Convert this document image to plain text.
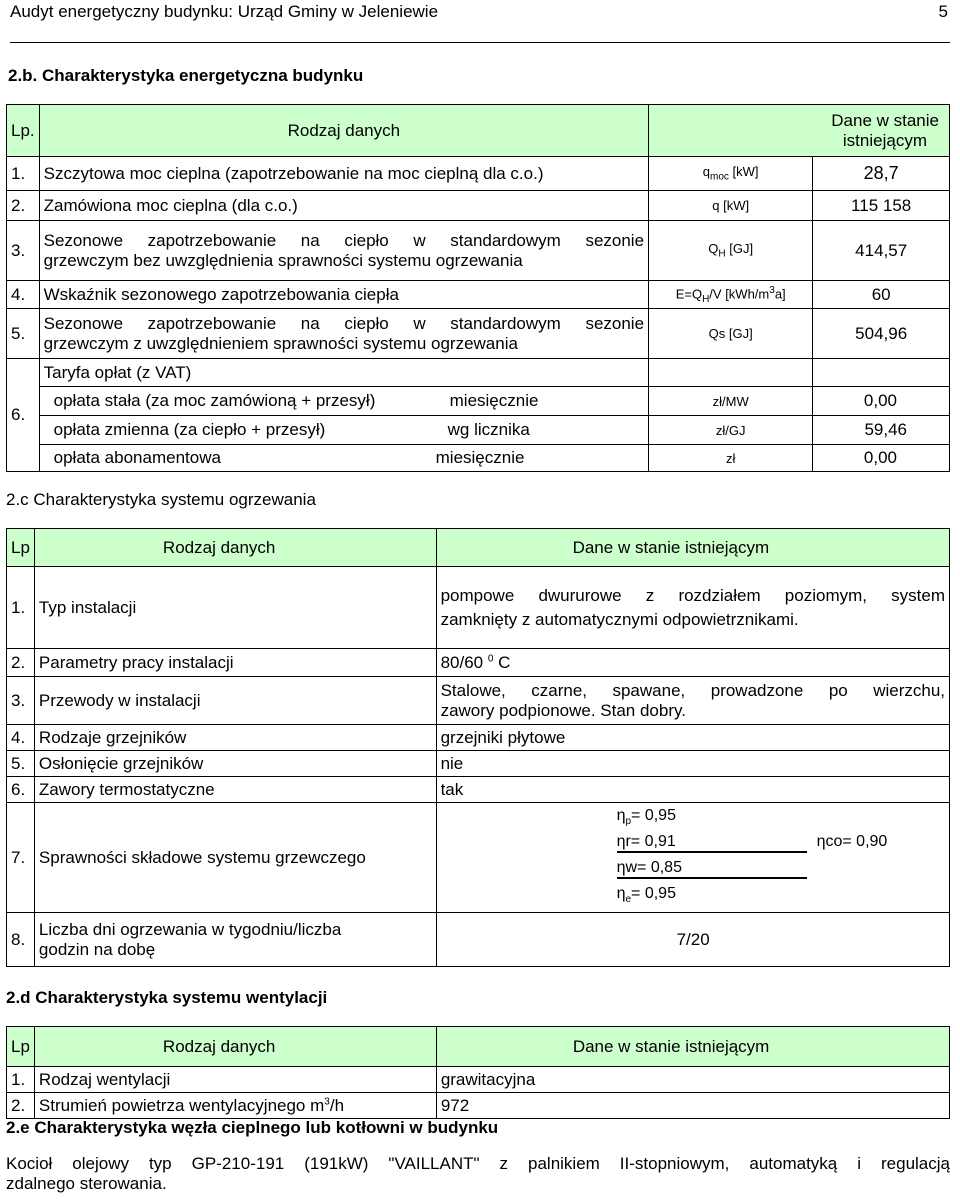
Audyt energetyczny budynku: Urząd Gminy w Jeleniewie	5
2.b. Charakterystyka energetyczna budynku
Lp.	Rodzaj danych	Dane w stanie
istniejącym	

1.	Szczytowa moc cieplna (zapotrzebowanie na moc cieplną dla c.o.)	$q_{moc}$ [kW]	28,7
2.	Zamówiona moc cieplna (dla c.o.)	q [kW]	115 158
3.	Sezonowe zapotrzebowanie na ciepło w standardowym sezonie
grzewczym bez uwzględnienia sprawności systemu ogrzewania	$Q_H$ [GJ]	414,57
4.	Wskaźnik sezonowego zapotrzebowania ciepła	$E=Q_H/V$ $[kWh/m^3a]$	60
5.	Sezonowe zapotrzebowanie na ciepło w standardowym sezonie
grzewczym z uwzględnieniem sprawności systemu ogrzewania	Qs [GJ]	504,96
6.	Taryfa opłat (z VAT)		
	opłata stała (za moc zamówioną + przesył) miesięcznie	zł/MW	0,00
	opłata zmienna (za ciepło + przesył) wg licznika	zł/GJ	59,46
	opłata abonamentowa miesięcznie	zł	0,00
2.c Charakterystyka systemu ogrzewania
Lp	Rodzaj danych	Dane w stanie istniejącym
1.	Typ instalacji	pompowe dwururowe z rozdziałem poziomym, system
zamknięty z automatycznymi odpowietrznikami.

2.	Parametry pracy instalacji	80/60 $^0$ C
3.	Przewody w instalacji	Stalowe, czarne, spawane, prowadzone po wierzchu,
zawory podpionowe. Stan dobry.

4.	Rodzaje grzejników	grzejniki płytowe
5.	Osłonięcie grzejników	nie
6.	Zawory termostatyczne	tak
7.	Sprawności składowe systemu grzewczego	$\eta_p= 0,95$
ηr= 0,91 ηco= 0,90
ηw= 0,85
$\eta_e= 0,95$

8.	Liczba dni ogrzewania w tygodniu/liczba
godzin na dobę	7/20
2.d Charakterystyka systemu wentylacji
Lp	Rodzaj danych	Dane w stanie istniejącym
1.	Rodzaj wentylacji	grawitacyjna
2.	Strumień powietrza wentylacyjnego $m^3/h$	972
2.e Charakterystyka węzła cieplnego lub kotłowni w budynku
Kocioł olejowy typ GP-210-191 (191kW) "VAILLANT" z palnikiem II-stopniowym, automatyką i regulacją
zdalnego sterowania.
